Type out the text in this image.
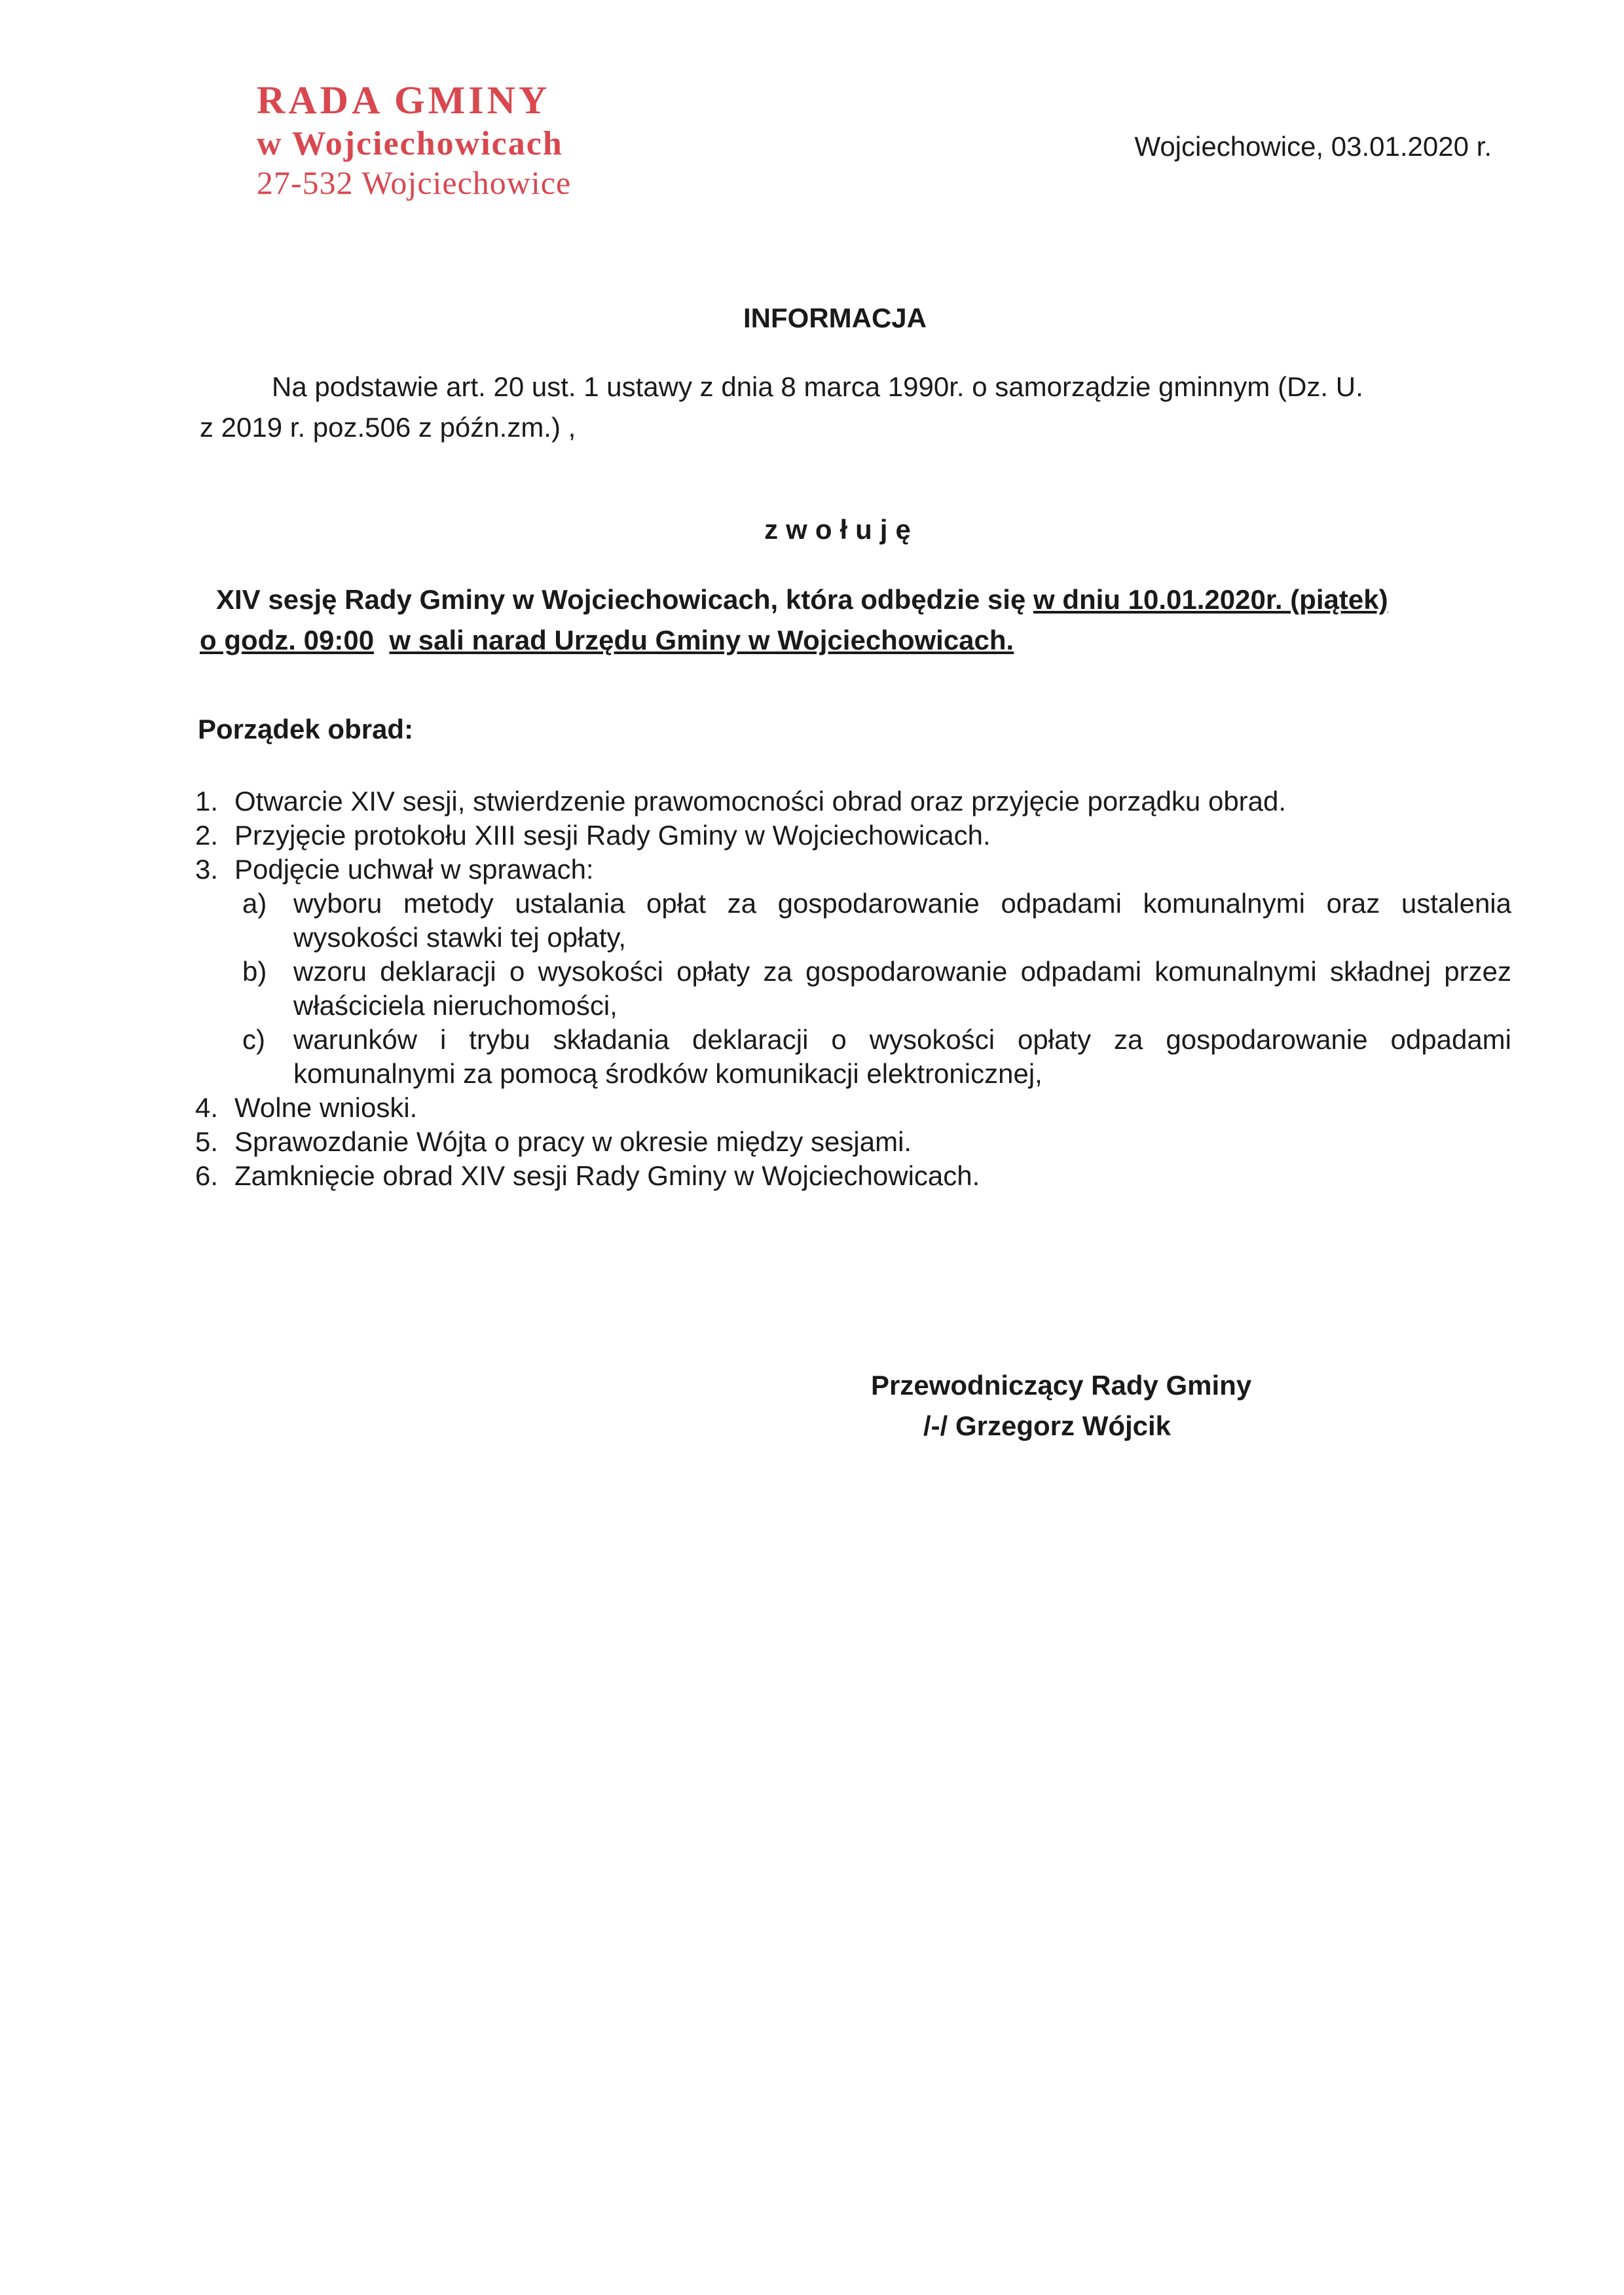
RADA GMINY
w Wojciechowicach
27-532 Wojciechowice
Wojciechowice, 03.01.2020 r.
INFORMACJA
Na podstawie art. 20 ust. 1 ustawy z dnia 8 marca 1990r. o samorządzie gminnym (Dz. U.
z 2019 r. poz.506 z późn.zm.) ,
zwołuję
XIV sesję Rady Gminy w Wojciechowicach, która odbędzie się w dniu 10.01.2020r. (piątek)
o godz. 09:00 w sali narad Urzędu Gminy w Wojciechowicach.
Porządek obrad:
1. Otwarcie XIV sesji, stwierdzenie prawomocności obrad oraz przyjęcie porządku obrad.
2. Przyjęcie protokołu XIII sesji Rady Gminy w Wojciechowicach.
3. Podjęcie uchwał w sprawach:
a) wyboru metody ustalania opłat za gospodarowanie odpadami komunalnymi oraz ustalenia wysokości stawki tej opłaty,
b) wzoru deklaracji o wysokości opłaty za gospodarowanie odpadami komunalnymi składnej przez właściciela nieruchomości,
c)	warunków i trybu składania deklaracji o wysokości opłaty za gospodarowanie odpadami komunalnymi za pomocą środków komunikacji elektronicznej,
4. Wolne wnioski.
5. Sprawozdanie Wójta o pracy w okresie między sesjami.
6. Zamknięcie obrad XIV sesji Rady Gminy w Wojciechowicach.
Przewodniczący Rady Gminy
/-/ Grzegorz Wójcik
